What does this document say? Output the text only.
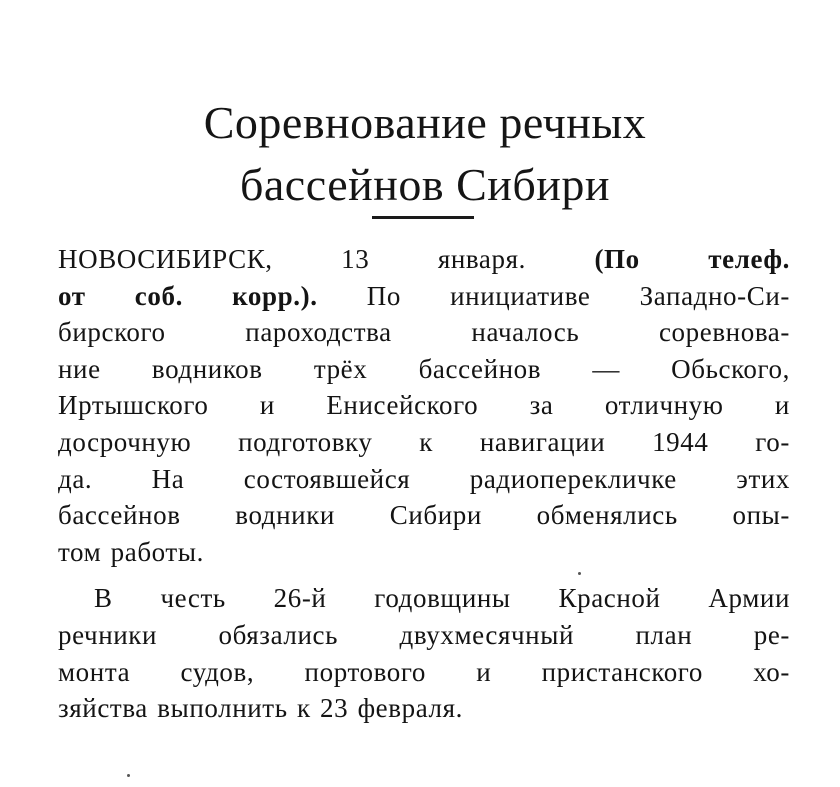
Соревнование речных
бассейнов Сибири
НОВОСИБИРСК, 13 января.	(По телеф.
от соб. корр.). По инициативе Западно-Си-
бирского пароходства началось соревнова-
ние водников трёх бассейнов — Обьского,
Иртышского и Енисейского за отличную и
досрочную подготовку к навигации 1944 го-
да. На состоявшейся радиоперекличке этих
бассейнов водники Сибири обменялись опы-
том работы.
В честь 26-й годовщины Красной Армии
речники обязались двухмесячный план ре-
монта судов, портового и пристанского хо-
зяйства выполнить к 23 февраля.
